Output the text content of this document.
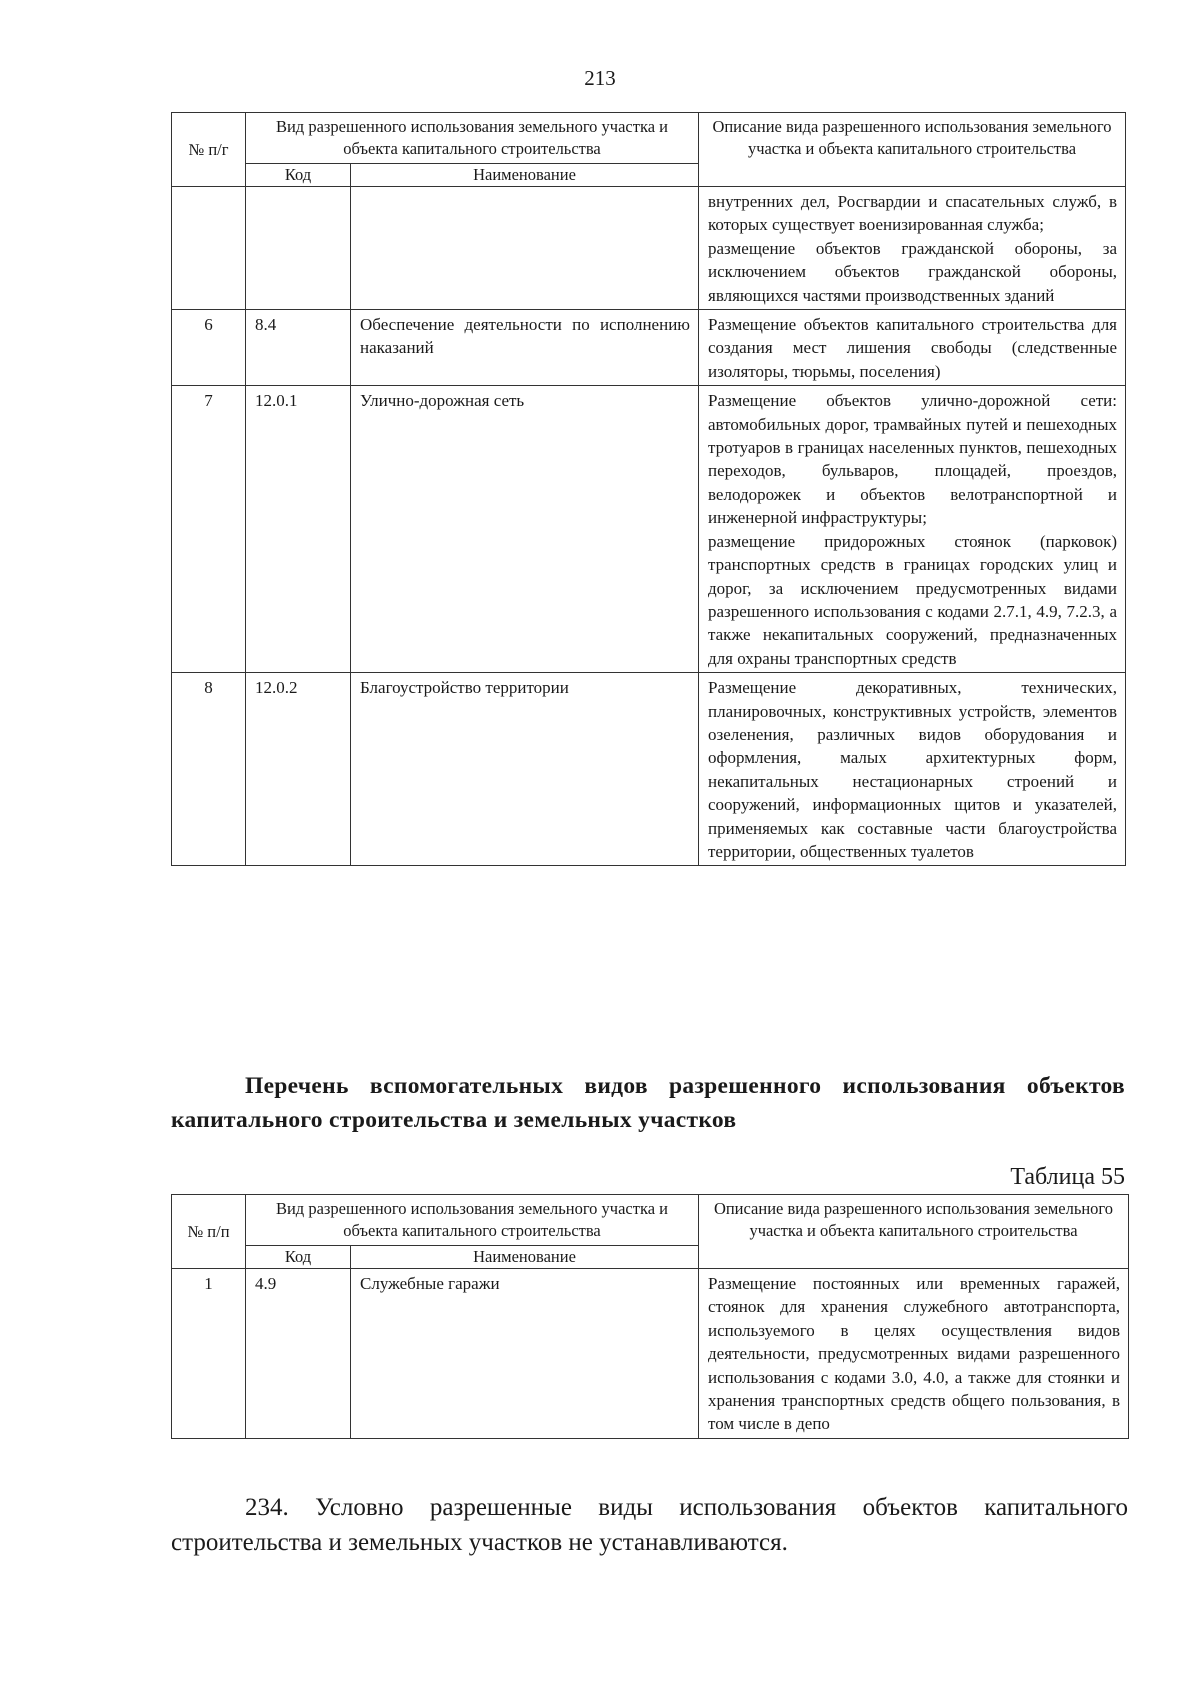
213
№ п/г	Вид разрешенного использования земельного участка и объекта капитального строительства		Описание вида разрешенного использования земельного участка и объекта капитального строительства
	Код	Наименование	

			внутренних дел, Росгвардии и спасательных служб, в которых существует военизированная служба;
размещение объектов гражданской обороны, за исключением объектов гражданской обороны, являющихся частями производственных зданий

6	8.4	Обеспечение деятельности по исполнению наказаний	Размещение объектов капитального строительства для создания мест лишения свободы (следственные изоляторы, тюрьмы, поселения)

7	12.0.1	Улично-дорожная сеть	Размещение объектов улично-дорожной сети: автомобильных дорог, трамвайных путей и пешеходных тротуаров в границах населенных пунктов, пешеходных переходов, бульваров, площадей, проездов, велодорожек и объектов велотранспортной и инженерной инфраструктуры;
размещение придорожных стоянок (парковок) транспортных средств в границах городских улиц и дорог, за исключением предусмотренных видами разрешенного использования с кодами 2.7.1, 4.9, 7.2.3, а также некапитальных сооружений, предназначенных для охраны транспортных средств

8	12.0.2	Благоустройство территории	Размещение декоративных, технических, планировочных, конструктивных устройств, элементов озеленения, различных видов оборудования и оформления, малых архитектурных форм, некапитальных нестационарных строений и сооружений, информационных щитов и указателей, применяемых как составные части благоустройства территории, общественных туалетов
Перечень вспомогательных видов разрешенного использования объектов капитального строительства и земельных участков
Таблица 55
№ п/п	Вид разрешенного использования земельного участка и объекта капитального строительства		Описание вида разрешенного использования земельного участка и объекта капитального строительства
	Код	Наименование	
1	4.9	Служебные гаражи	Размещение постоянных или временных гаражей, стоянок для хранения служебного автотранспорта, используемого в целях осуществления видов деятельности, предусмотренных видами разрешенного использования с кодами 3.0, 4.0, а также для стоянки и хранения транспортных средств общего пользования, в том числе в депо
234. Условно разрешенные виды использования объектов капитального строительства и земельных участков не устанавливаются.
